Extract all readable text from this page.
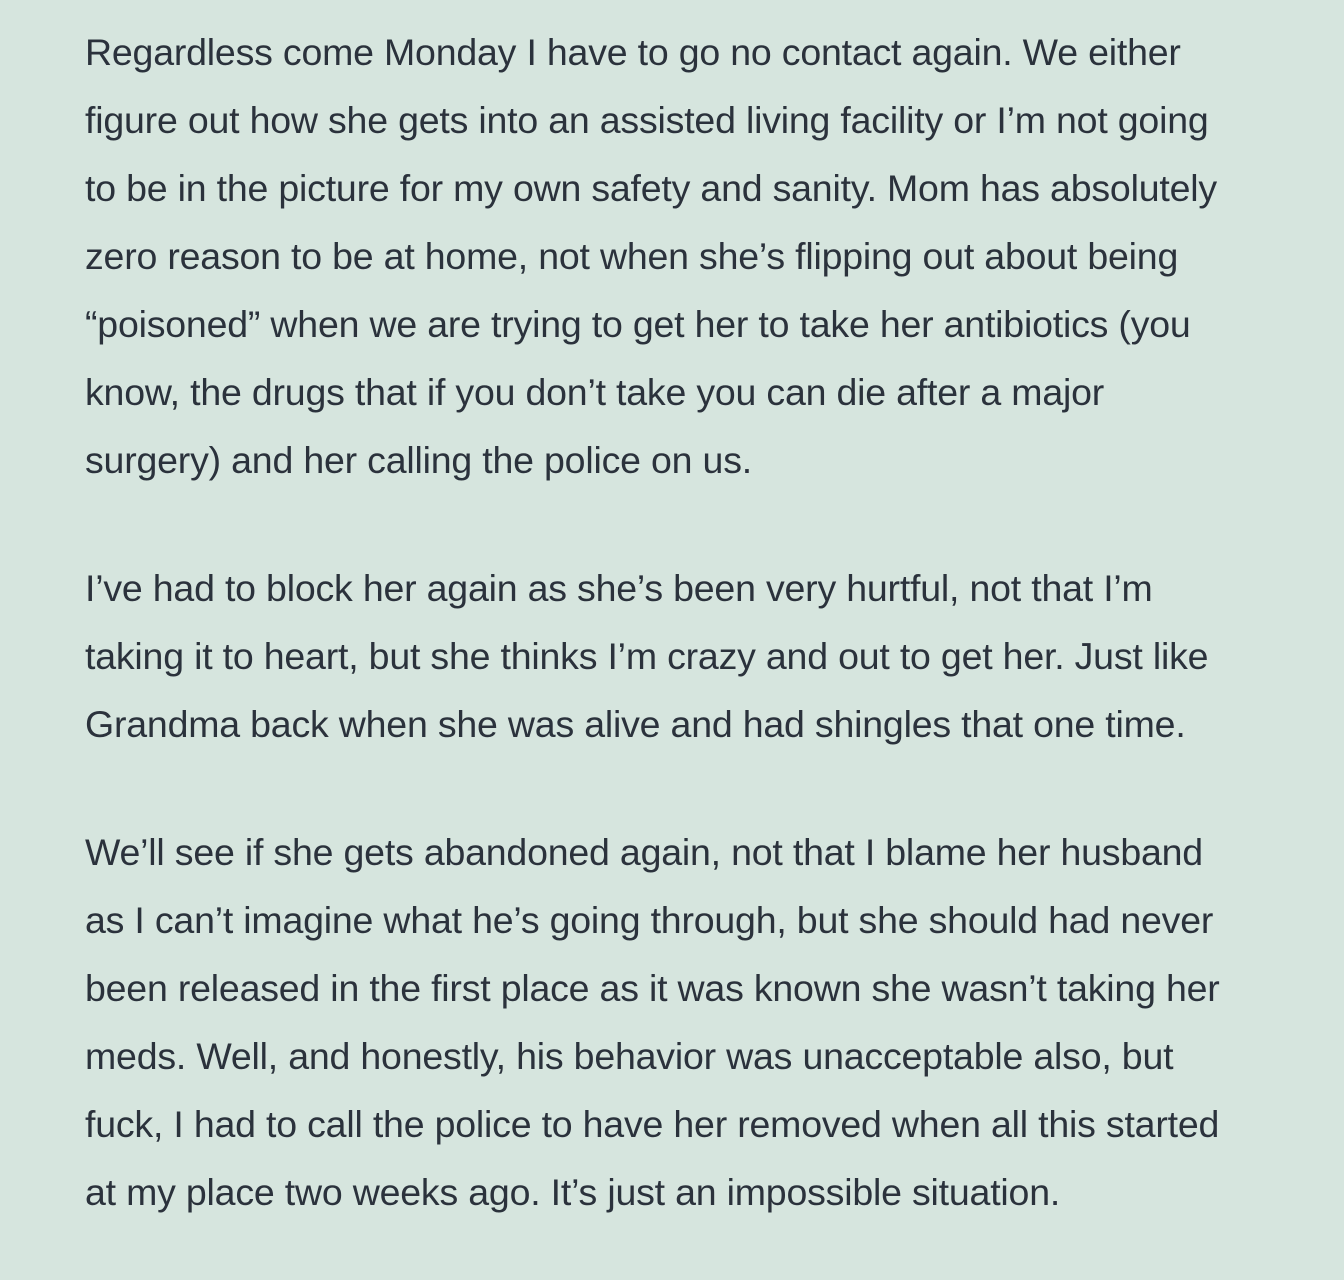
Regardless come Monday I have to go no contact again. We either
figure out how she gets into an assisted living facility or I’m not going
to be in the picture for my own safety and sanity. Mom has absolutely
zero reason to be at home, not when she’s flipping out about being
“poisoned” when we are trying to get her to take her antibiotics (you
know, the drugs that if you don’t take you can die after a major
surgery) and her calling the police on us.

I’ve had to block her again as she’s been very hurtful, not that I’m
taking it to heart, but she thinks I’m crazy and out to get her. Just like
Grandma back when she was alive and had shingles that one time.

We’ll see if she gets abandoned again, not that I blame her husband
as I can’t imagine what he’s going through, but she should had never
been released in the first place as it was known she wasn’t taking her
meds. Well, and honestly, his behavior was unacceptable also, but
fuck, I had to call the police to have her removed when all this started
at my place two weeks ago. It’s just an impossible situation.
